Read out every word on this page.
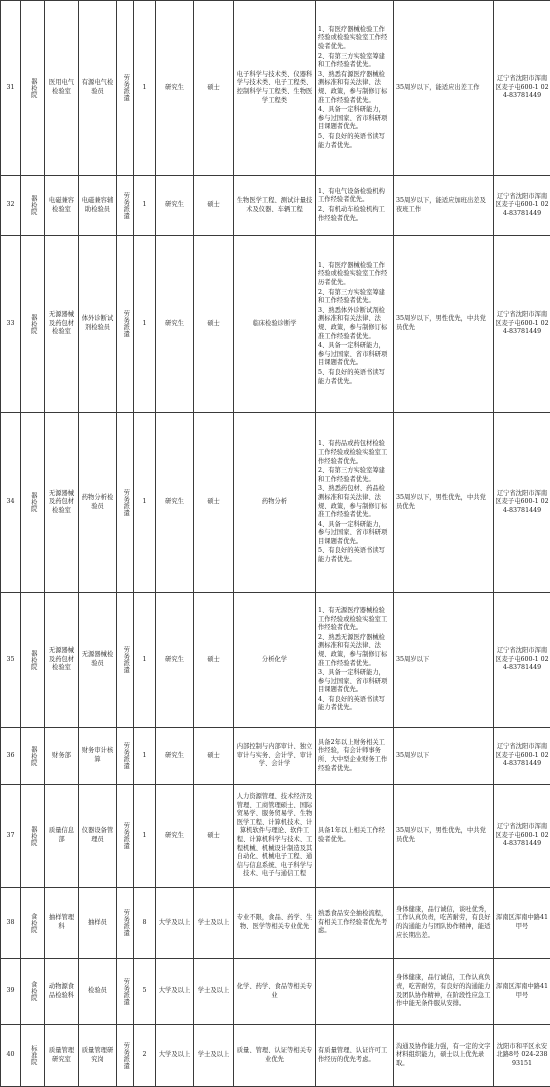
31	器检院	医用电气检验室	有源电气检验员	劳务派遣	1	研究生	硕士	电子科学与技术类、仪器科学与技术类、电子工程类、控制科学与工程类、生物医学工程类	1、有医疗器械检验工作经验或检验实验室工作经验者优先。
2、有第三方实验室筹建和工作经验者优先。
3、熟悉有源医疗器械检测标准和有关法律、法规、政策，参与制修订标准工作经验者优先。
4、具备一定科研能力，参与过国家、省市科研项目课题者优先。
5、有良好的英语书读写能力者优先。	35周岁以下，能适应出差工作	辽宁省沈阳市浑南区麦子屯600-1 024-83781449
32	器检院	电磁兼容检验室	电磁兼容辅助检验员	劳务派遣	1	研究生	硕士	生物医学工程、测试计量技术及仪器、车辆工程	1、有电气设备检验机构工作经验者优先。
2、有机动车检验机构工作经验者优先。	35周岁以下，能适应加班出差及夜班工作	辽宁省沈阳市浑南区麦子屯600-1 024-83781449
33	器检院	无源器械及药包材检验室	体外诊断试剂检验员	劳务派遣	1	研究生	硕士	临床检验诊断学	1、有医疗器械检验工作经验或检验实验室工作经历者优先。
2、有第三方实验室筹建和工作经验者优先。
3、熟悉体外诊断试剂检测标准和有关法律、法规、政策，参与制修订标准工作经验者优先。
4、具备一定科研能力，参与过国家、省市科研项目课题者优先。
5、有良好的英语书读写能力者优先。	35周岁以下，男性优先，中共党员优先	辽宁省沈阳市浑南区麦子屯600-1 024-83781449
34	器检院	无源器械及药包材检验室	药物分析检验员	劳务派遣	1	研究生	硕士	药物分析	1、有药品或药包材检验工作经验或检验实验室工作经验者优先。
2、有第三方实验室筹建和工作经验者优先。
3、熟悉药包材、药品检测标准和有关法律、法规、政策，参与制修订标准工作经验者优先。
4、具备一定科研能力，参与过国家、省市科研项目课题者优先。
5、有良好的英语书读写能力者优先。	35周岁以下，男性优先，中共党员优先	辽宁省沈阳市浑南区麦子屯600-1 024-83781449
35	器检院	无源器械及药包材检验室	无源器械检验员	劳务派遣	1	研究生	硕士	分析化学	1、有无源医疗器械检验工作经验或检验实验室工作经验者优先。
2、熟悉无源医疗器械检测标准和有关法律、法规、政策，参与制修订标准工作经验者优先。
3、具备一定科研能力，参与过国家、省市科研项目课题者优先。
4、有良好的英语书读写能力者优先。	35周岁以下	辽宁省沈阳市浑南区麦子屯600-1 024-83781449
36	器检院	财务部	财务审计核算	劳务派遣	1	研究生	硕士	内部控制与内部审计、独立审计与实务、会计学、审计学、会计学	具备2年以上财务相关工作经验，有会计师事务所、大中型企业财务工作经验者优先。	35周岁以下	辽宁省沈阳市浑南区麦子屯600-1 024-83781449
37	器检院	质量信息部	仪器设备管理员	劳务派遣	1	研究生	硕士	人力资源管理、技术经济及管理、工商管理硕士、国际贸易学、服务贸易学、生物医学工程、计算机技术、计算机软件与理论、软件工程、计算机科学与技术、工程机械、机械设计制造及其自动化、机械电子工程、通信与信息系统、电子科学与技术、电子与通信工程	具备1年以上相关工作经验者优先。	35周岁以下，男性优先，中共党员优先	辽宁省沈阳市浑南区麦子屯600-1 024-83781449
38	食检院	抽样管理科	抽样员	劳务派遣	8	大学及以上	学士及以上	专业不限，食品、药学、生物、医学等相关专业优先	熟悉食品安全抽检流程，有相关工作经验者优先考虑。	身体健康，品行诚信，谈吐优秀，工作认真负责，吃苦耐劳，有良好的沟通能力与团队协作精神，能适应长期出差。	浑南区浑南中路41甲号
39	食检院	动物源食品检验科	检验员	劳务派遣	5	大学及以上	学士及以上	化学、药学、食品等相关专业		身体健康，品行诚信，工作认真负责，吃苦耐劳，有良好的沟通能力及团队协作精神，在阶段性应急工作中能无条件服从安排。	浑南区浑南中路41甲号
40	标准院	质量管理研究室	质量管理研究岗	劳务派遣	2	大学及以上	学士及以上	质量、管理、认证等相关专业优先	有质量管理、认证许可工作经历的优先考虑。	沟通及协作能力强，有一定的文字材料组织能力，硕士以上优先录取。	沈阳市和平区永安北路8号 024-23893151
